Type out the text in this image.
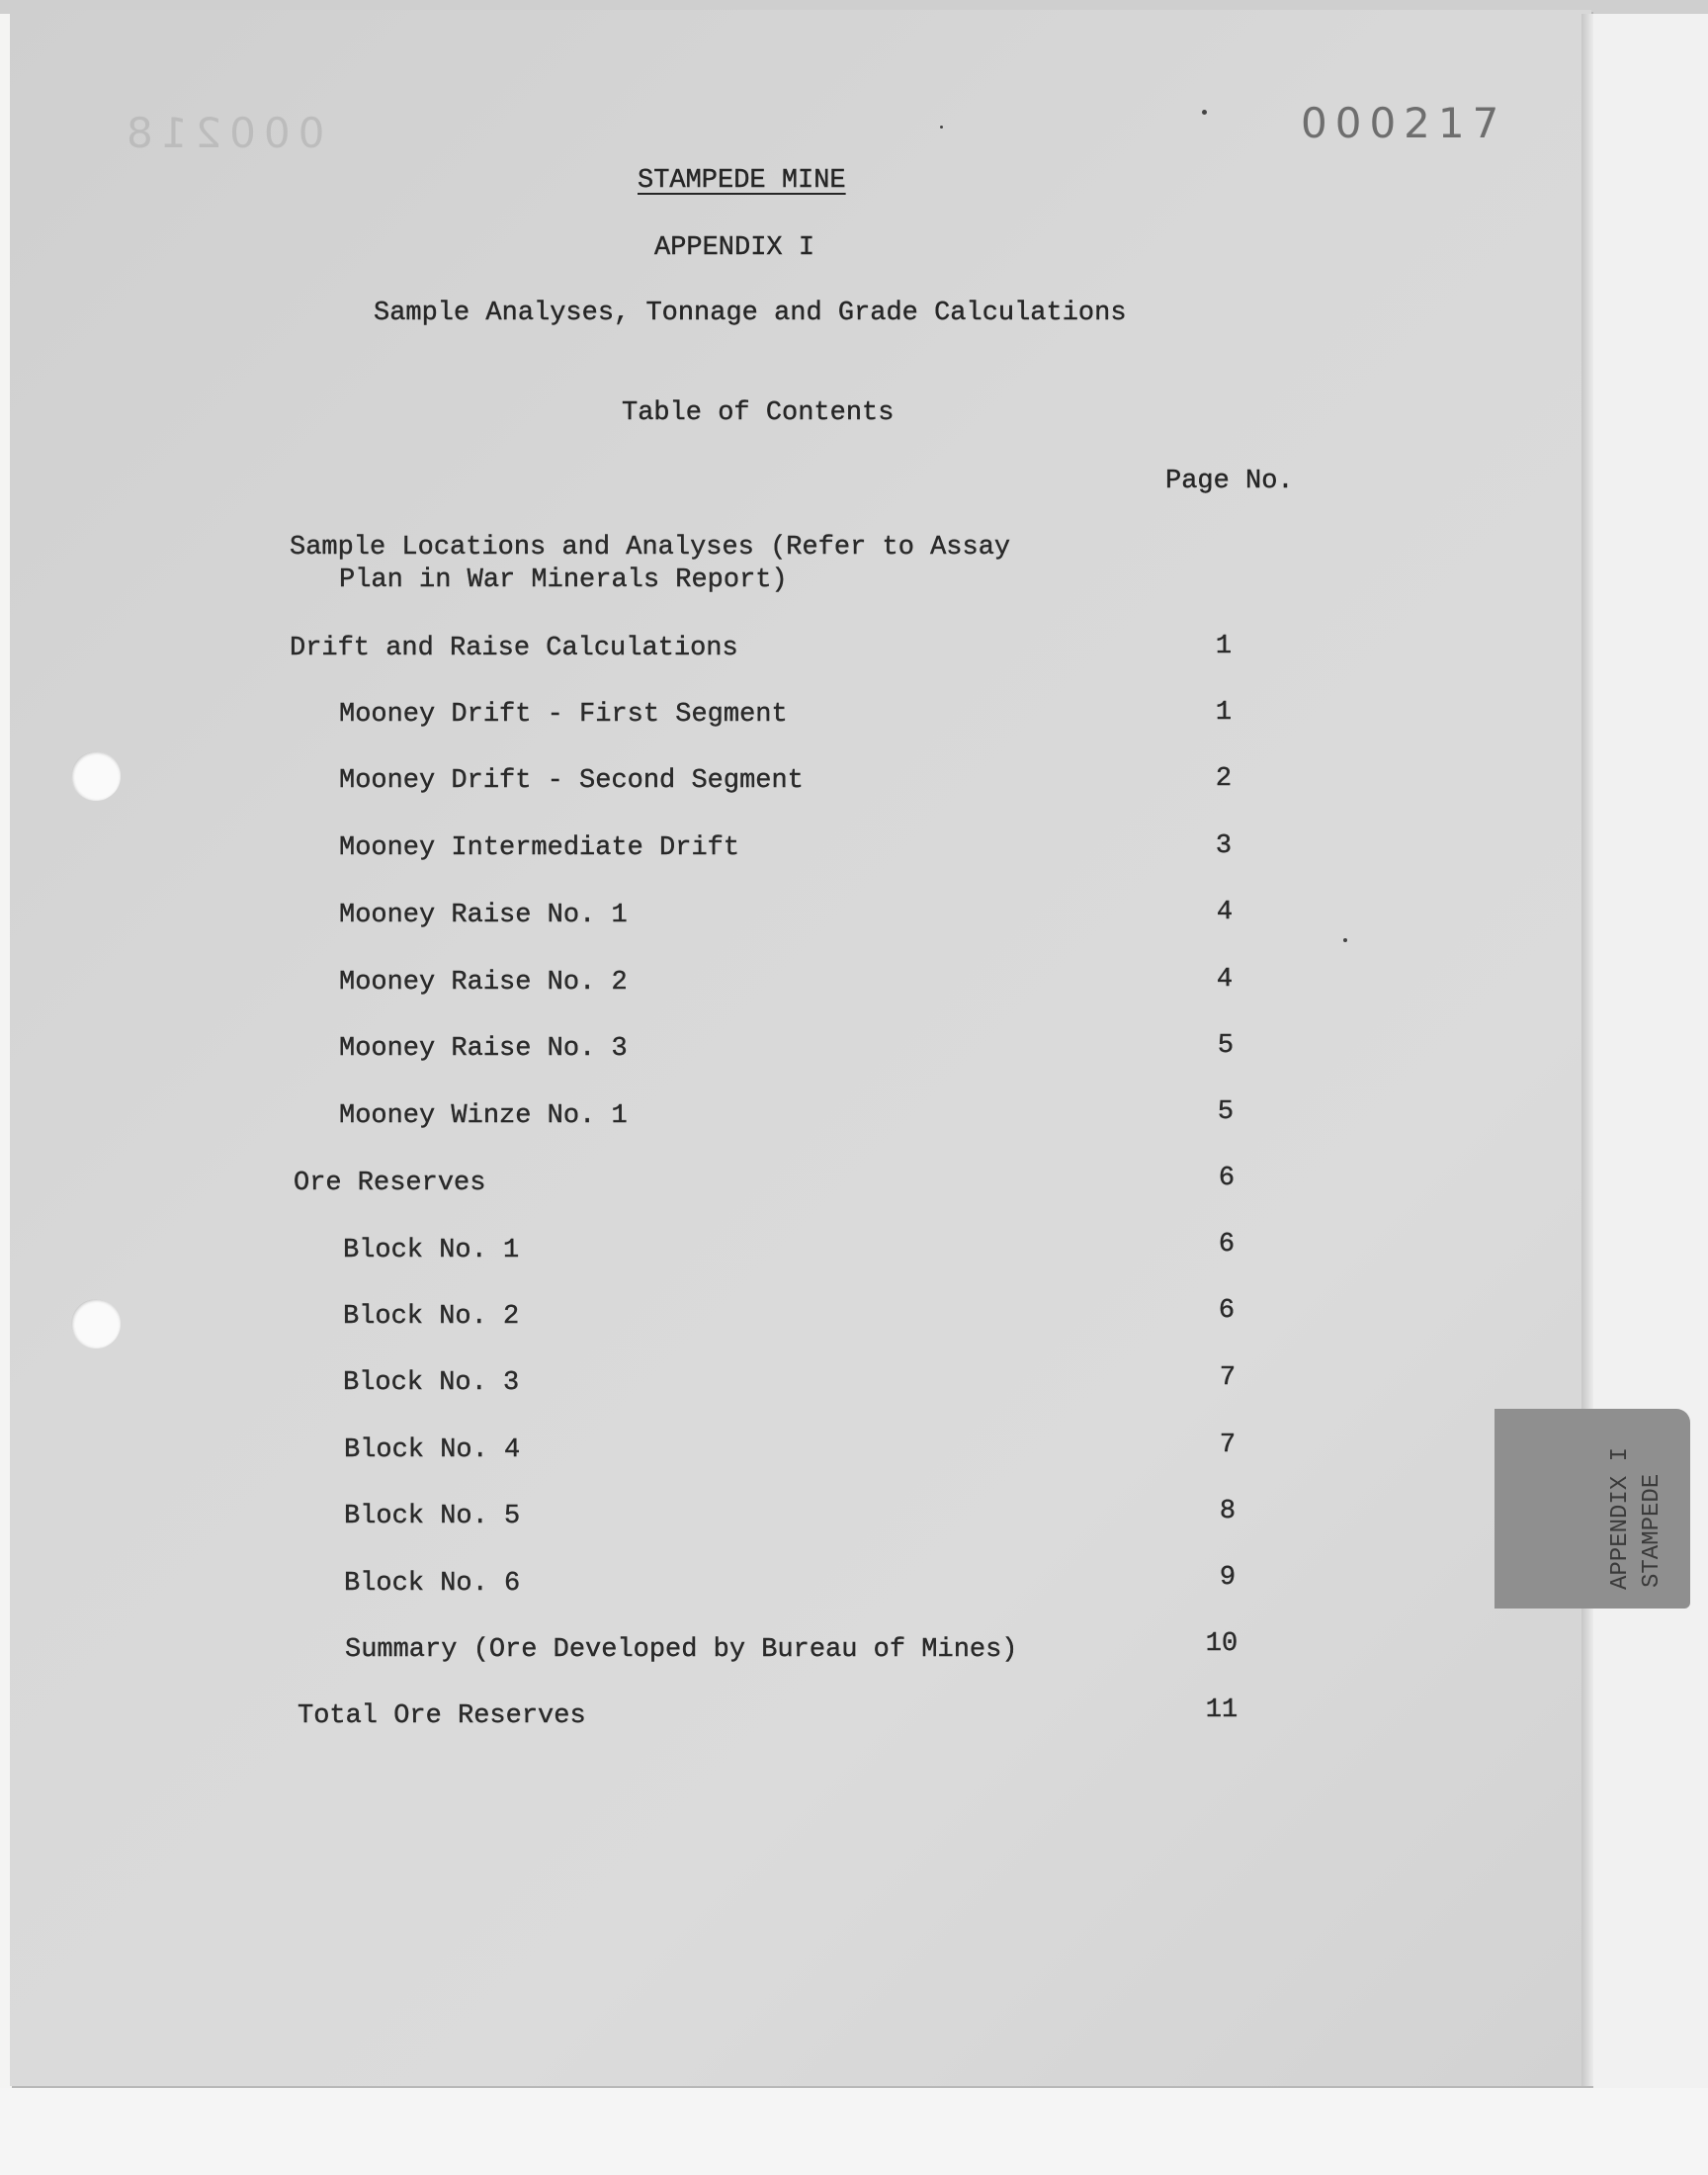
000218	000217
STAMPEDE MINE
APPENDIX I
Sample Analyses, Tonnage and Grade Calculations
Table of Contents
Page No.
Sample Locations and Analyses (Refer to Assay
Plan in War Minerals Report)
Drift and Raise Calculations	1
Mooney Drift - First Segment	1
Mooney Drift - Second Segment	2
Mooney Intermediate Drift	3
Mooney Raise No. 1	4
Mooney Raise No. 2	4
Mooney Raise No. 3	5
Mooney Winze No. 1	5
Ore Reserves	6
Block No. 1	6
Block No. 2	6
Block No. 3	7
Block No. 4	7
Block No. 5	8
Block No. 6	9
Summary (Ore Developed by Bureau of Mines)	10
Total Ore Reserves	11
APPENDIX I STAMPEDE
